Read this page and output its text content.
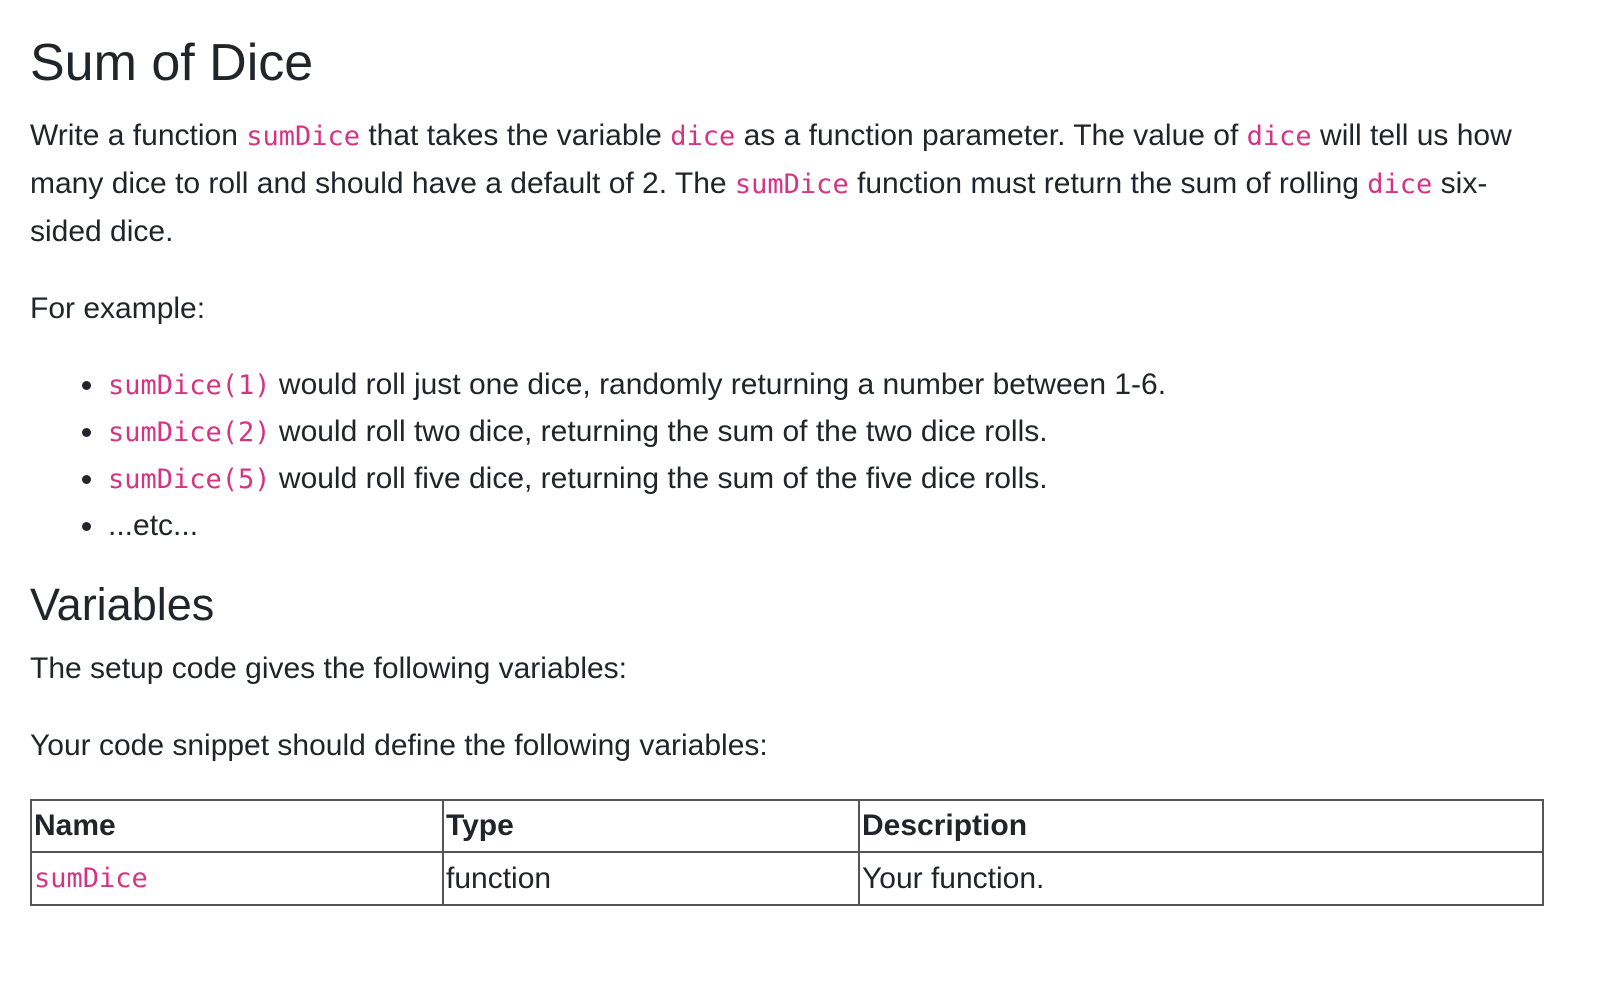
Sum of Dice

Write a function sumDice that takes the variable dice as a function parameter. The value of dice will tell us how many dice to roll and should have a default of 2. The sumDice function must return the sum of rolling dice six-sided dice.

For example:

• sumDice(1) would roll just one dice, randomly returning a number between 1-6.
• sumDice(2) would roll two dice, returning the sum of the two dice rolls.
• sumDice(5) would roll five dice, returning the sum of the five dice rolls.
• ...etc...
Variables

The setup code gives the following variables:

Your code snippet should define the following variables:

Name	Type	Description
sumDice	function	Your function.
